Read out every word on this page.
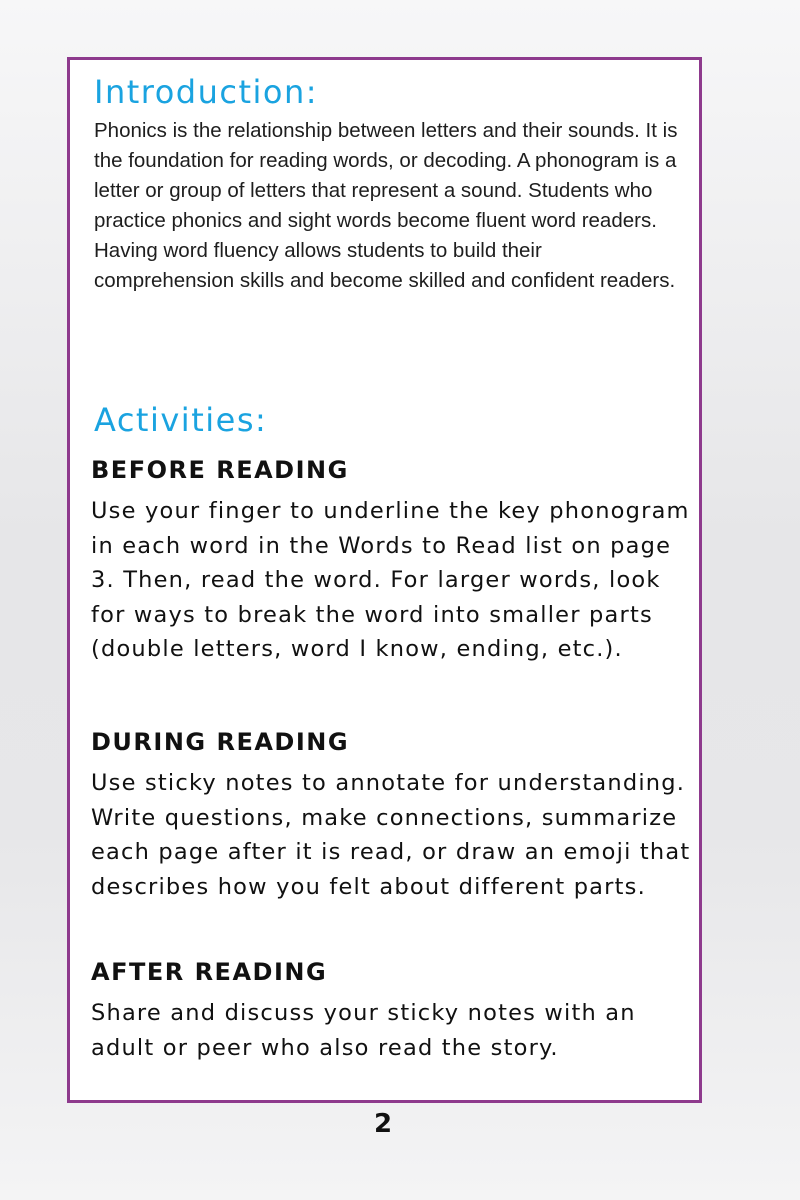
Introduction:

Phonics is the relationship between letters and their sounds. It is the foundation for reading words, or decoding. A phonogram is a letter or group of letters that represent a sound. Students who practice phonics and sight words become fluent word readers. Having word fluency allows students to build their comprehension skills and become skilled and confident readers.

Activities:
BEFORE READING

Use your finger to underline the key phonogram in each word in the Words to Read list on page 3. Then, read the word. For larger words, look for ways to break the word into smaller parts (double letters, word I know, ending, etc.).

DURING READING

Use sticky notes to annotate for understanding. Write questions, make connections, summarize each page after it is read, or draw an emoji that describes how you felt about different parts.

AFTER READING

Share and discuss your sticky notes with an adult or peer who also read the story.

2
